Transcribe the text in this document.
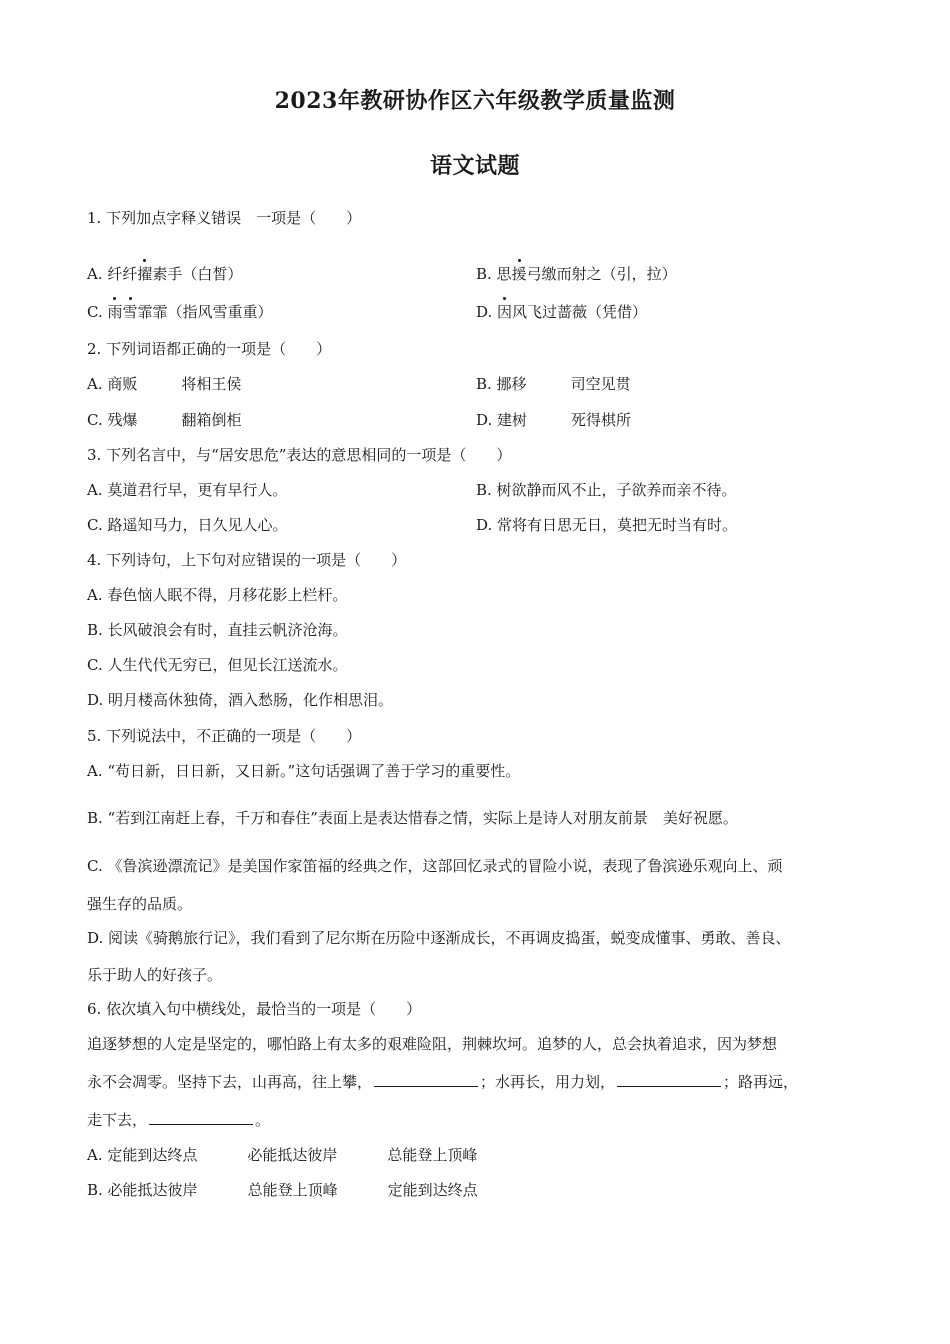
2023年教研协作区六年级教学质量监测
语文试题
1. 下列加点字释义错误　一项是（　　）
A. 纤纤擢素手（白皙）	B. 思援弓缴而射之（引，拉）
C. 雨雪霏霏（指风雪重重）	D. 因风飞过蔷薇（凭借）
2. 下列词语都正确的一项是（　　）
A. 商贩	将相王侯	B. 挪移	司空见贯
C. 残爆	翻箱倒柜	D. 建树	死得棋所
3. 下列名言中，与“居安思危”表达的意思相同的一项是（　　）
A. 莫道君行早，更有早行人。	B. 树欲静而风不止，子欲养而亲不待。
C. 路遥知马力，日久见人心。	D. 常将有日思无日，莫把无时当有时。
4. 下列诗句，上下句对应错误的一项是（　　）
A. 春色恼人眠不得，月移花影上栏杆。
B. 长风破浪会有时，直挂云帆济沧海。
C. 人生代代无穷已，但见长江送流水。
D. 明月楼高休独倚，酒入愁肠，化作相思泪。
5. 下列说法中，不正确的一项是（　　）
A. “苟日新，日日新，又日新。”这句话强调了善于学习的重要性。
B. “若到江南赶上春，千万和春住”表面上是表达惜春之情，实际上是诗人对朋友前景　美好祝愿。
C. 《鲁滨逊漂流记》是美国作家笛福的经典之作，这部回忆录式的冒险小说，表现了鲁滨逊乐观向上、顽
强生存的品质。
D. 阅读《骑鹅旅行记》，我们看到了尼尔斯在历险中逐渐成长，不再调皮捣蛋，蜕变成懂事、勇敢、善良、
乐于助人的好孩子。
6. 依次填入句中横线处，最恰当的一项是（　　）
追逐梦想的人定是坚定的，哪怕路上有太多的艰难险阻，荆棘坎坷。追梦的人，总会执着追求，因为梦想
永不会凋零。坚持下去，山再高，往上攀，	；水再长，用力划，	；路再远，
走下去，	。
A. 定能到达终点	必能抵达彼岸	总能登上顶峰
B. 必能抵达彼岸	总能登上顶峰	定能到达终点
